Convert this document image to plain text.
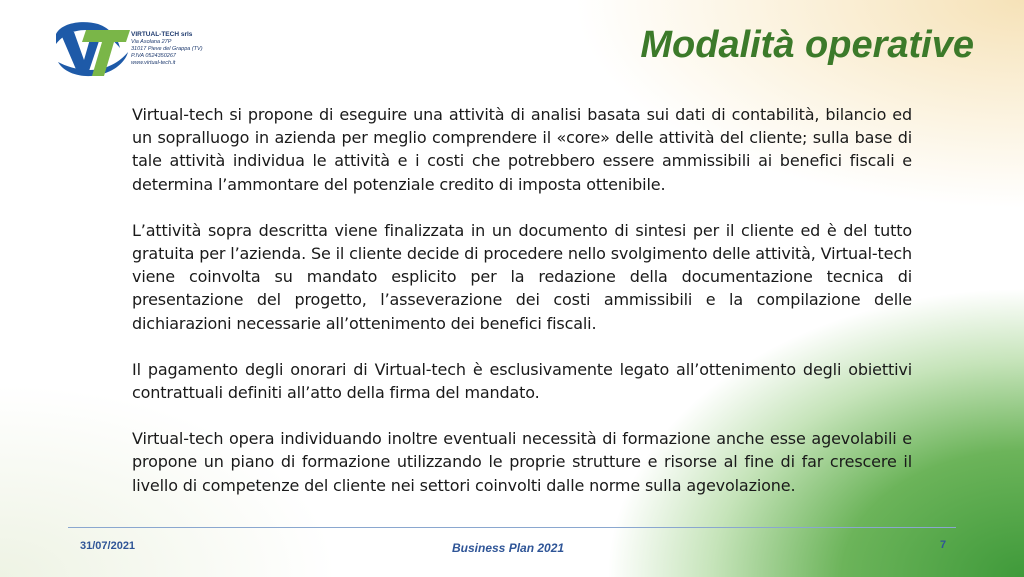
VIRTUAL-TECH srls
Via Asolana 27P
31017 Pieve del Grappa (TV)
P.IVA 0524350267
www.virtual-tech.it	Modalità operative

Virtual-tech si propone di eseguire una attività di analisi basata sui dati di contabilità, bilancio ed un sopralluogo in azienda per meglio comprendere il «core» delle attività del cliente; sulla base di tale attività individua le attività e i costi che potrebbero essere ammissibili ai benefici fiscali e determina l’ammontare del potenziale credito di imposta ottenibile.

L’attività sopra descritta viene finalizzata in un documento di sintesi per il cliente ed è del tutto gratuita per l’azienda. Se il cliente decide di procedere nello svolgimento delle attività, Virtual-tech viene coinvolta su mandato esplicito per la redazione della documentazione tecnica di presentazione del progetto, l’asseverazione dei costi ammissibili e la compilazione delle dichiarazioni necessarie all’ottenimento dei benefici fiscali.

Il pagamento degli onorari di Virtual-tech è esclusivamente legato all’ottenimento degli obiettivi contrattuali definiti all’atto della firma del mandato.

Virtual-tech opera individuando inoltre eventuali necessità di formazione anche esse agevolabili e propone un piano di formazione utilizzando le proprie strutture e risorse al fine di far crescere il livello di competenze del cliente nei settori coinvolti dalle norme sulla agevolazione.

31/07/2021	Business Plan 2021	7
